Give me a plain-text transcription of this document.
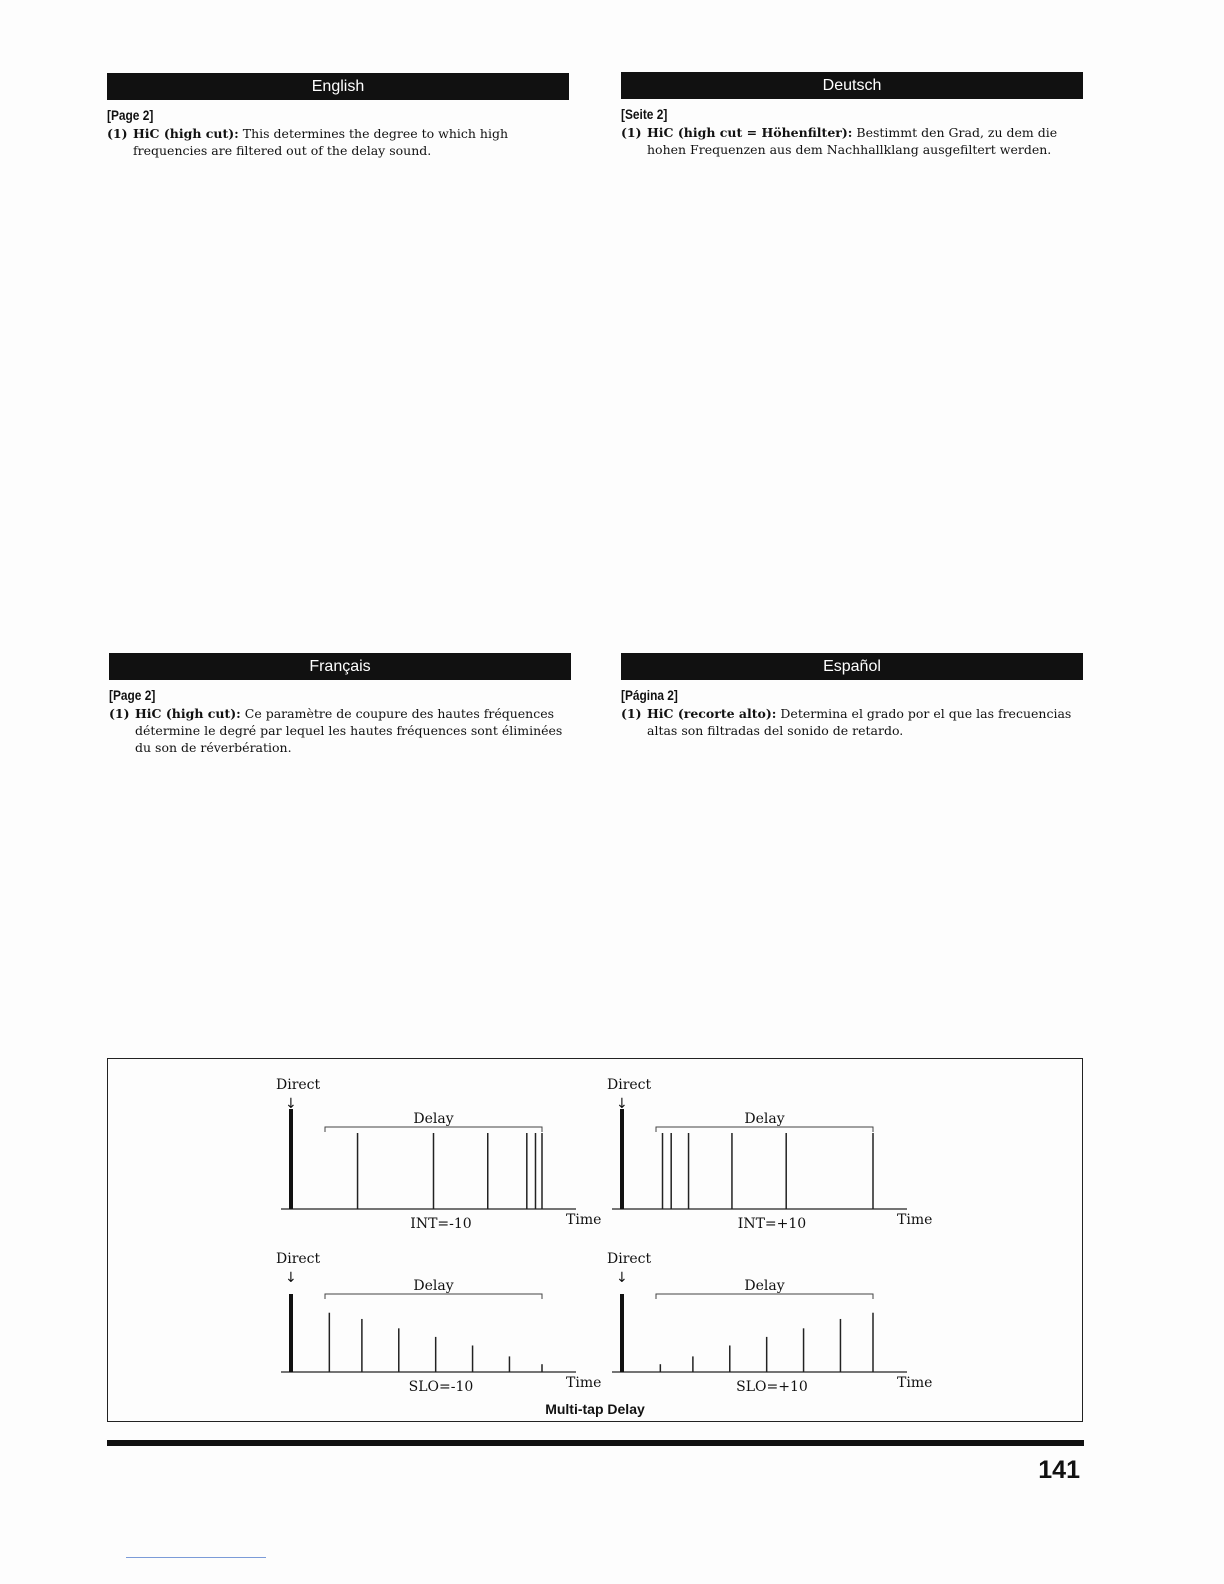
English
[Page 2]
(1) HiC (high cut): This determines the degree to which high frequencies are filtered out of the delay sound.
Deutsch
[Seite 2]
(1) HiC (high cut = Höhenfilter): Bestimmt den Grad, zu dem die hohen Frequenzen aus dem Nachhallklang ausgefiltert werden.
Français
[Page 2]
(1) HiC (high cut): Ce paramètre de coupure des hautes fréquences détermine le degré par lequel les hautes fréquences sont éliminées du son de réverbération.
Español
[Página 2]
(1) HiC (recorte alto): Determina el grado por el que las frecuencias altas son filtradas del sonido de retardo.
Direct
↓
Delay
INT=-10	Time
Direct
↓
Delay
INT=+10	Time
Direct
↓	Delay
SLO=-10	Time
Direct
↓	Delay
SLO=+10	Time
Multi-tap Delay
141
